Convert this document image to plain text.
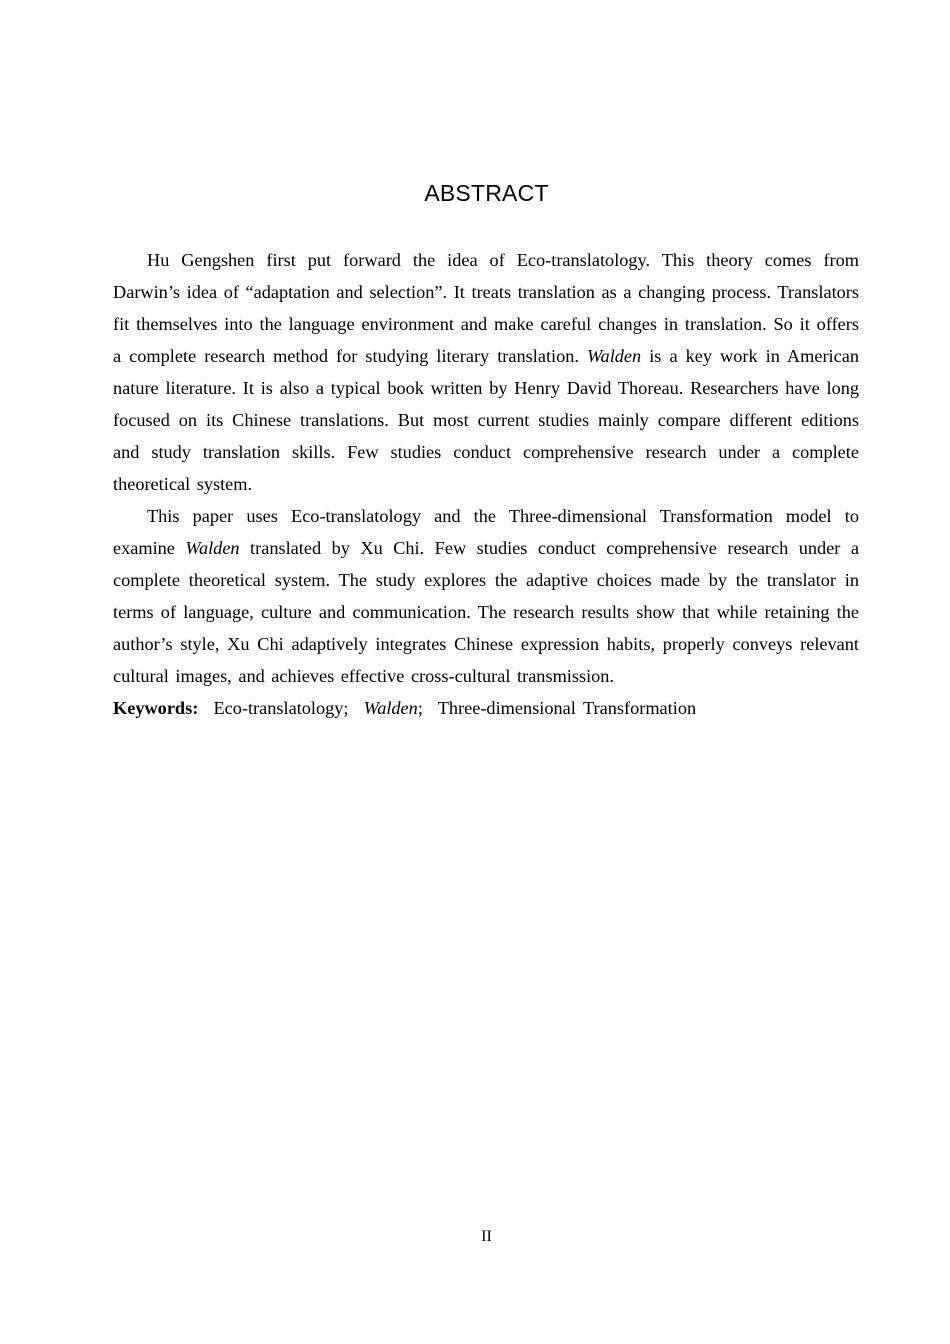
ABSTRACT

Hu Gengshen first put forward the idea of Eco-translatology. This theory comes from Darwin’s idea of “adaptation and selection”. It treats translation as a changing process. Translators fit themselves into the language environment and make careful changes in translation. So it offers a complete research method for studying literary translation. Walden is a key work in American nature literature. It is also a typical book written by Henry David Thoreau. Researchers have long focused on its Chinese translations. But most current studies mainly compare different editions and study translation skills. Few studies conduct comprehensive research under a complete theoretical system.

This paper uses Eco-translatology and the Three-dimensional Transformation model to examine Walden translated by Xu Chi. Few studies conduct comprehensive research under a complete theoretical system. The study explores the adaptive choices made by the translator in terms of language, culture and communication. The research results show that while retaining the author’s style, Xu Chi adaptively integrates Chinese expression habits, properly conveys relevant cultural images, and achieves effective cross-cultural transmission.

Keywords: Eco-translatology; Walden; Three-dimensional Transformation

II
